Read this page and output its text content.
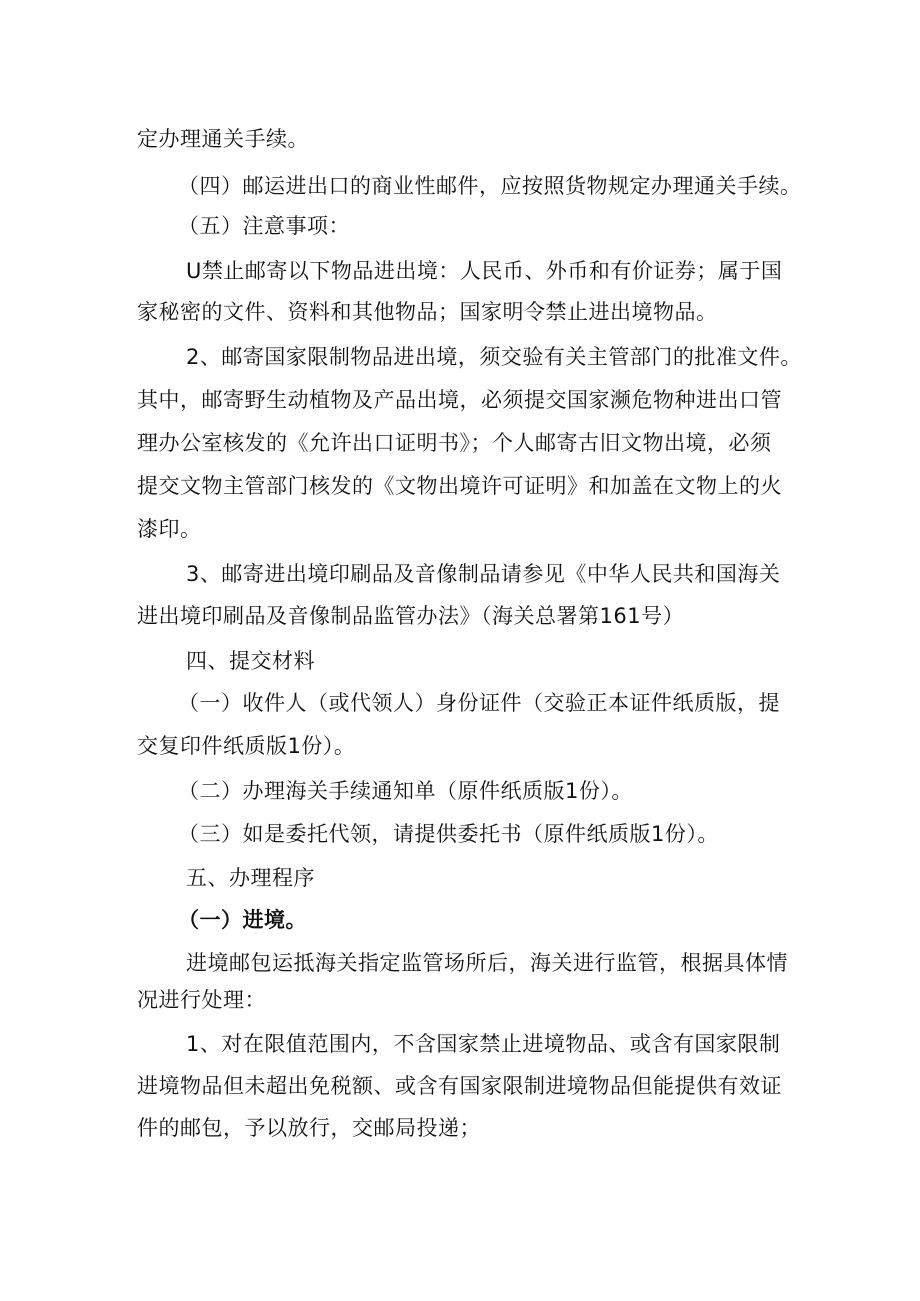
定办理通关手续。
（四）邮运进出口的商业性邮件，应按照货物规定办理通关手续。
（五）注意事项：
U禁止邮寄以下物品进出境：人民币、外币和有价证券；属于国
家秘密的文件、资料和其他物品；国家明令禁止进出境物品。
2、邮寄国家限制物品进出境，须交验有关主管部门的批准文件。
其中，邮寄野生动植物及产品出境，必须提交国家濒危物种进出口管
理办公室核发的《允许出口证明书》；个人邮寄古旧文物出境，必须
提交文物主管部门核发的《文物出境许可证明》和加盖在文物上的火
漆印。
3、邮寄进出境印刷品及音像制品请参见《中华人民共和国海关
进出境印刷品及音像制品监管办法》（海关总署第161号）
四、提交材料
（一）收件人（或代领人）身份证件（交验正本证件纸质版，提
交复印件纸质版1份）。
（二）办理海关手续通知单（原件纸质版1份）。
（三）如是委托代领，请提供委托书（原件纸质版1份）。
五、办理程序
（一）进境。
进境邮包运抵海关指定监管场所后，海关进行监管，根据具体情
况进行处理：
1、对在限值范围内，不含国家禁止进境物品、或含有国家限制
进境物品但未超出免税额、或含有国家限制进境物品但能提供有效证
件的邮包，予以放行，交邮局投递；
